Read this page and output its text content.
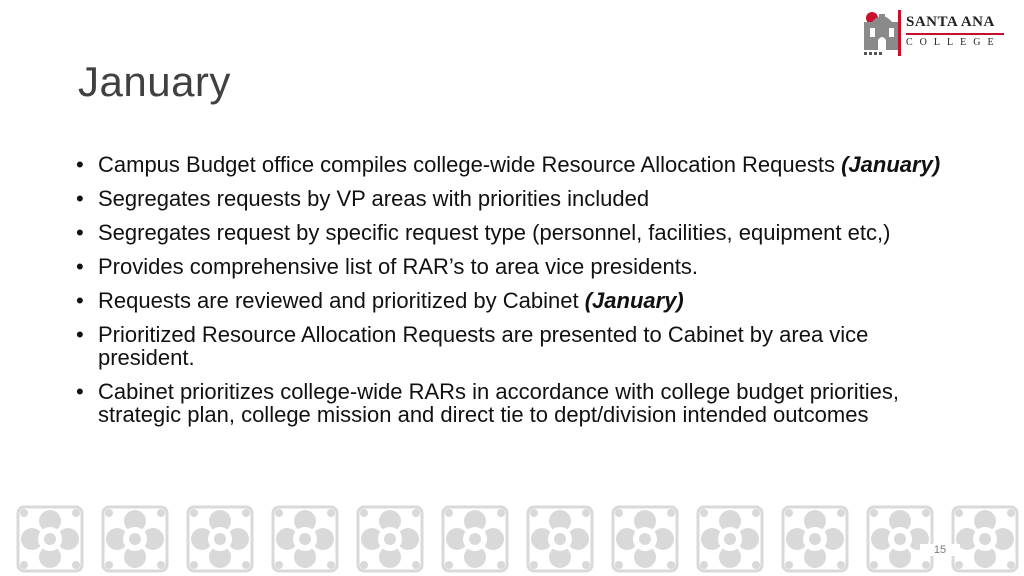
SANTA ANA
COLLEGE
January
• Campus Budget office compiles college-wide Resource Allocation Requests (January)
• Segregates requests by VP areas with priorities included
• Segregates request by specific request type (personnel, facilities, equipment etc,)
• Provides comprehensive list of RAR’s to area vice presidents.
• Requests are reviewed and prioritized by Cabinet (January)
• Prioritized Resource Allocation Requests are presented to Cabinet by area vice president.
• Cabinet prioritizes college-wide RARs in accordance with college budget priorities, strategic plan, college mission and direct tie to dept/division intended outcomes
15
